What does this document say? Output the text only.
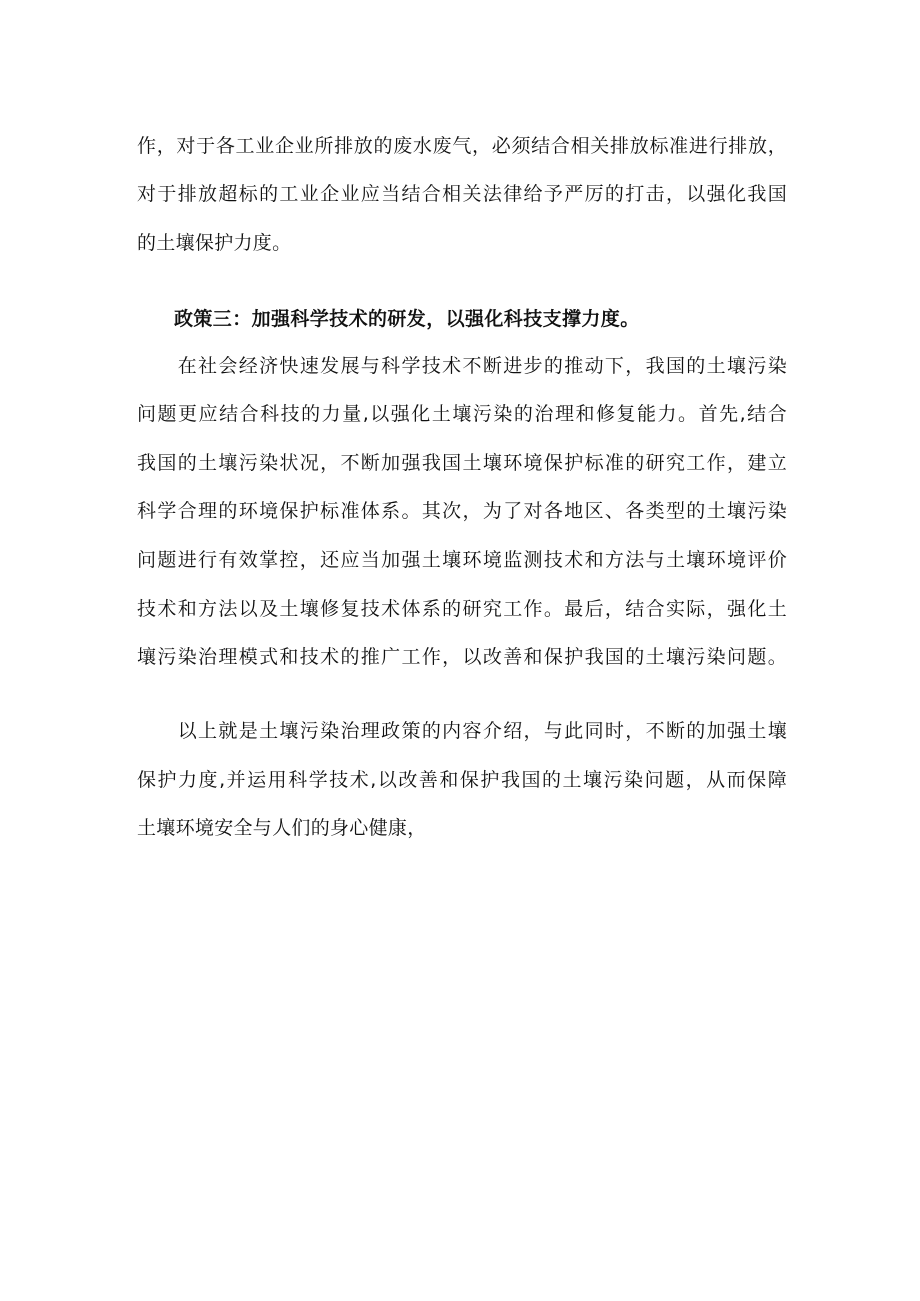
作，对于各工业企业所排放的废水废气，必须结合相关排放标准进行排放，
对于排放超标的工业企业应当结合相关法律给予严厉的打击，以强化我国
的土壤保护力度。
政策三：加强科学技术的研发，以强化科技支撑力度。
　　在社会经济快速发展与科学技术不断进步的推动下，我国的土壤污染
问题更应结合科技的力量,以强化土壤污染的治理和修复能力。首先,结合
我国的土壤污染状况，不断加强我国土壤环境保护标准的研究工作，建立
科学合理的环境保护标准体系。其次，为了对各地区、各类型的土壤污染
问题进行有效掌控，还应当加强土壤环境监测技术和方法与土壤环境评价
技术和方法以及土壤修复技术体系的研究工作。最后，结合实际，强化土
壤污染治理模式和技术的推广工作，以改善和保护我国的土壤污染问题。
　　以上就是土壤污染治理政策的内容介绍，与此同时，不断的加强土壤
保护力度,并运用科学技术,以改善和保护我国的土壤污染问题，从而保障
土壤环境安全与人们的身心健康，
